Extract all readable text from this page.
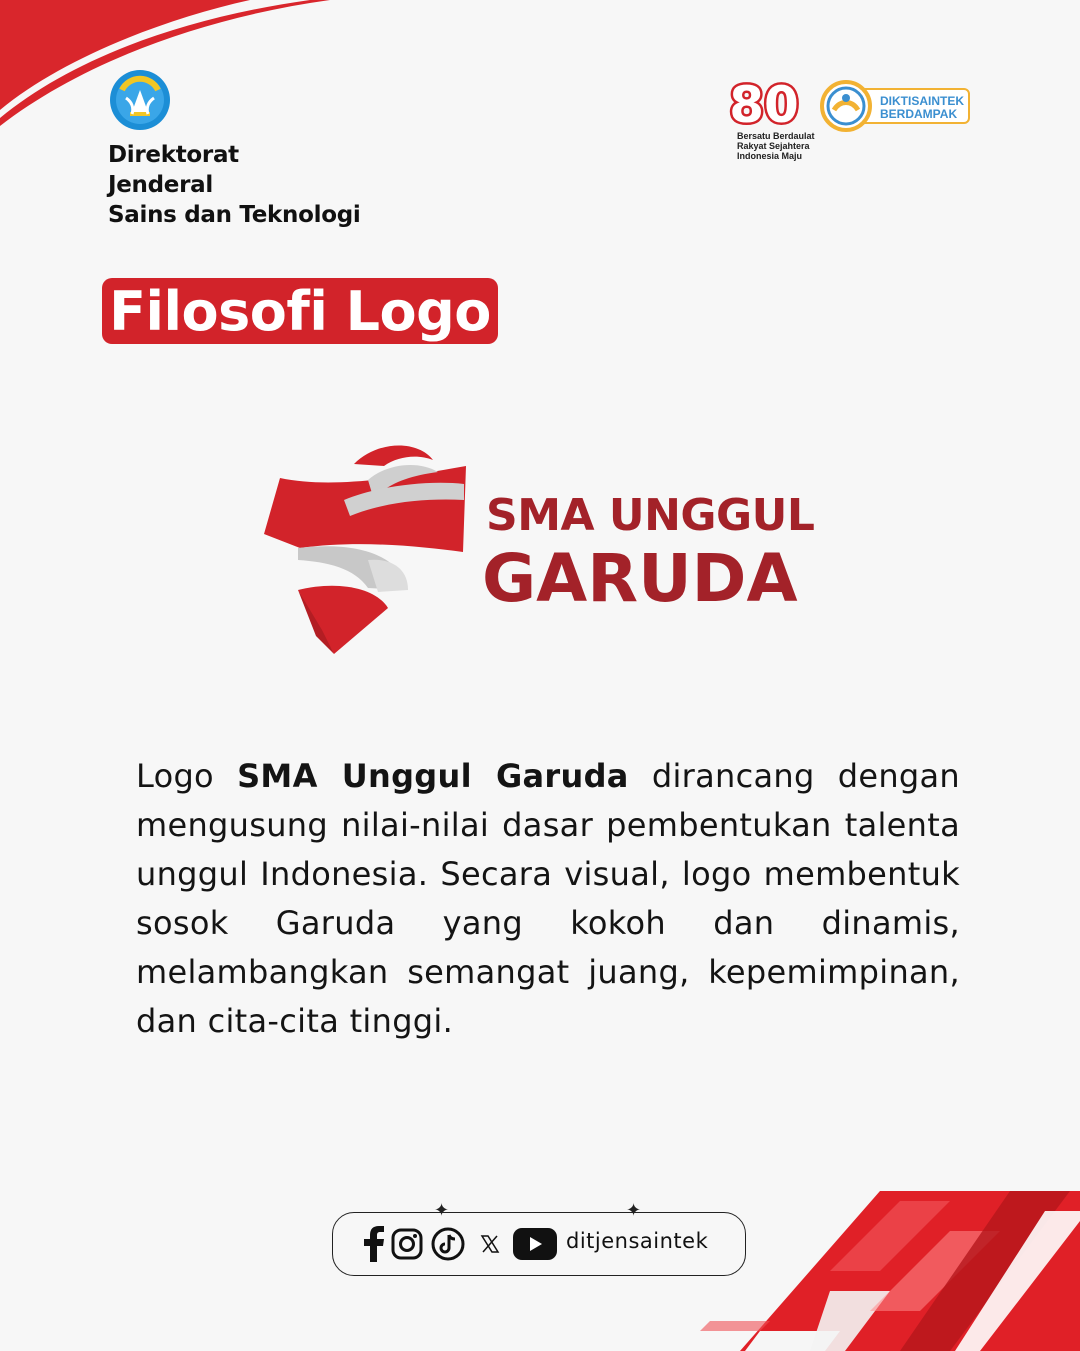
Direktorat
Jenderal
Sains dan Teknologi
80
Bersatu Berdaulat
Rakyat Sejahtera
Indonesia Maju
DIKTISAINTEK
BERDAMPAK
Filosofi Logo
SMA UNGGUL
GARUDA
Logo SMA Unggul Garuda dirancang dengan mengusung nilai-nilai dasar pembentukan talenta unggul Indonesia. Secara visual, logo membentuk sosok Garuda yang kokoh dan dinamis, melambangkan semangat juang, kepemimpinan, dan cita-cita tinggi.
✦	✦
ditjensaintek
